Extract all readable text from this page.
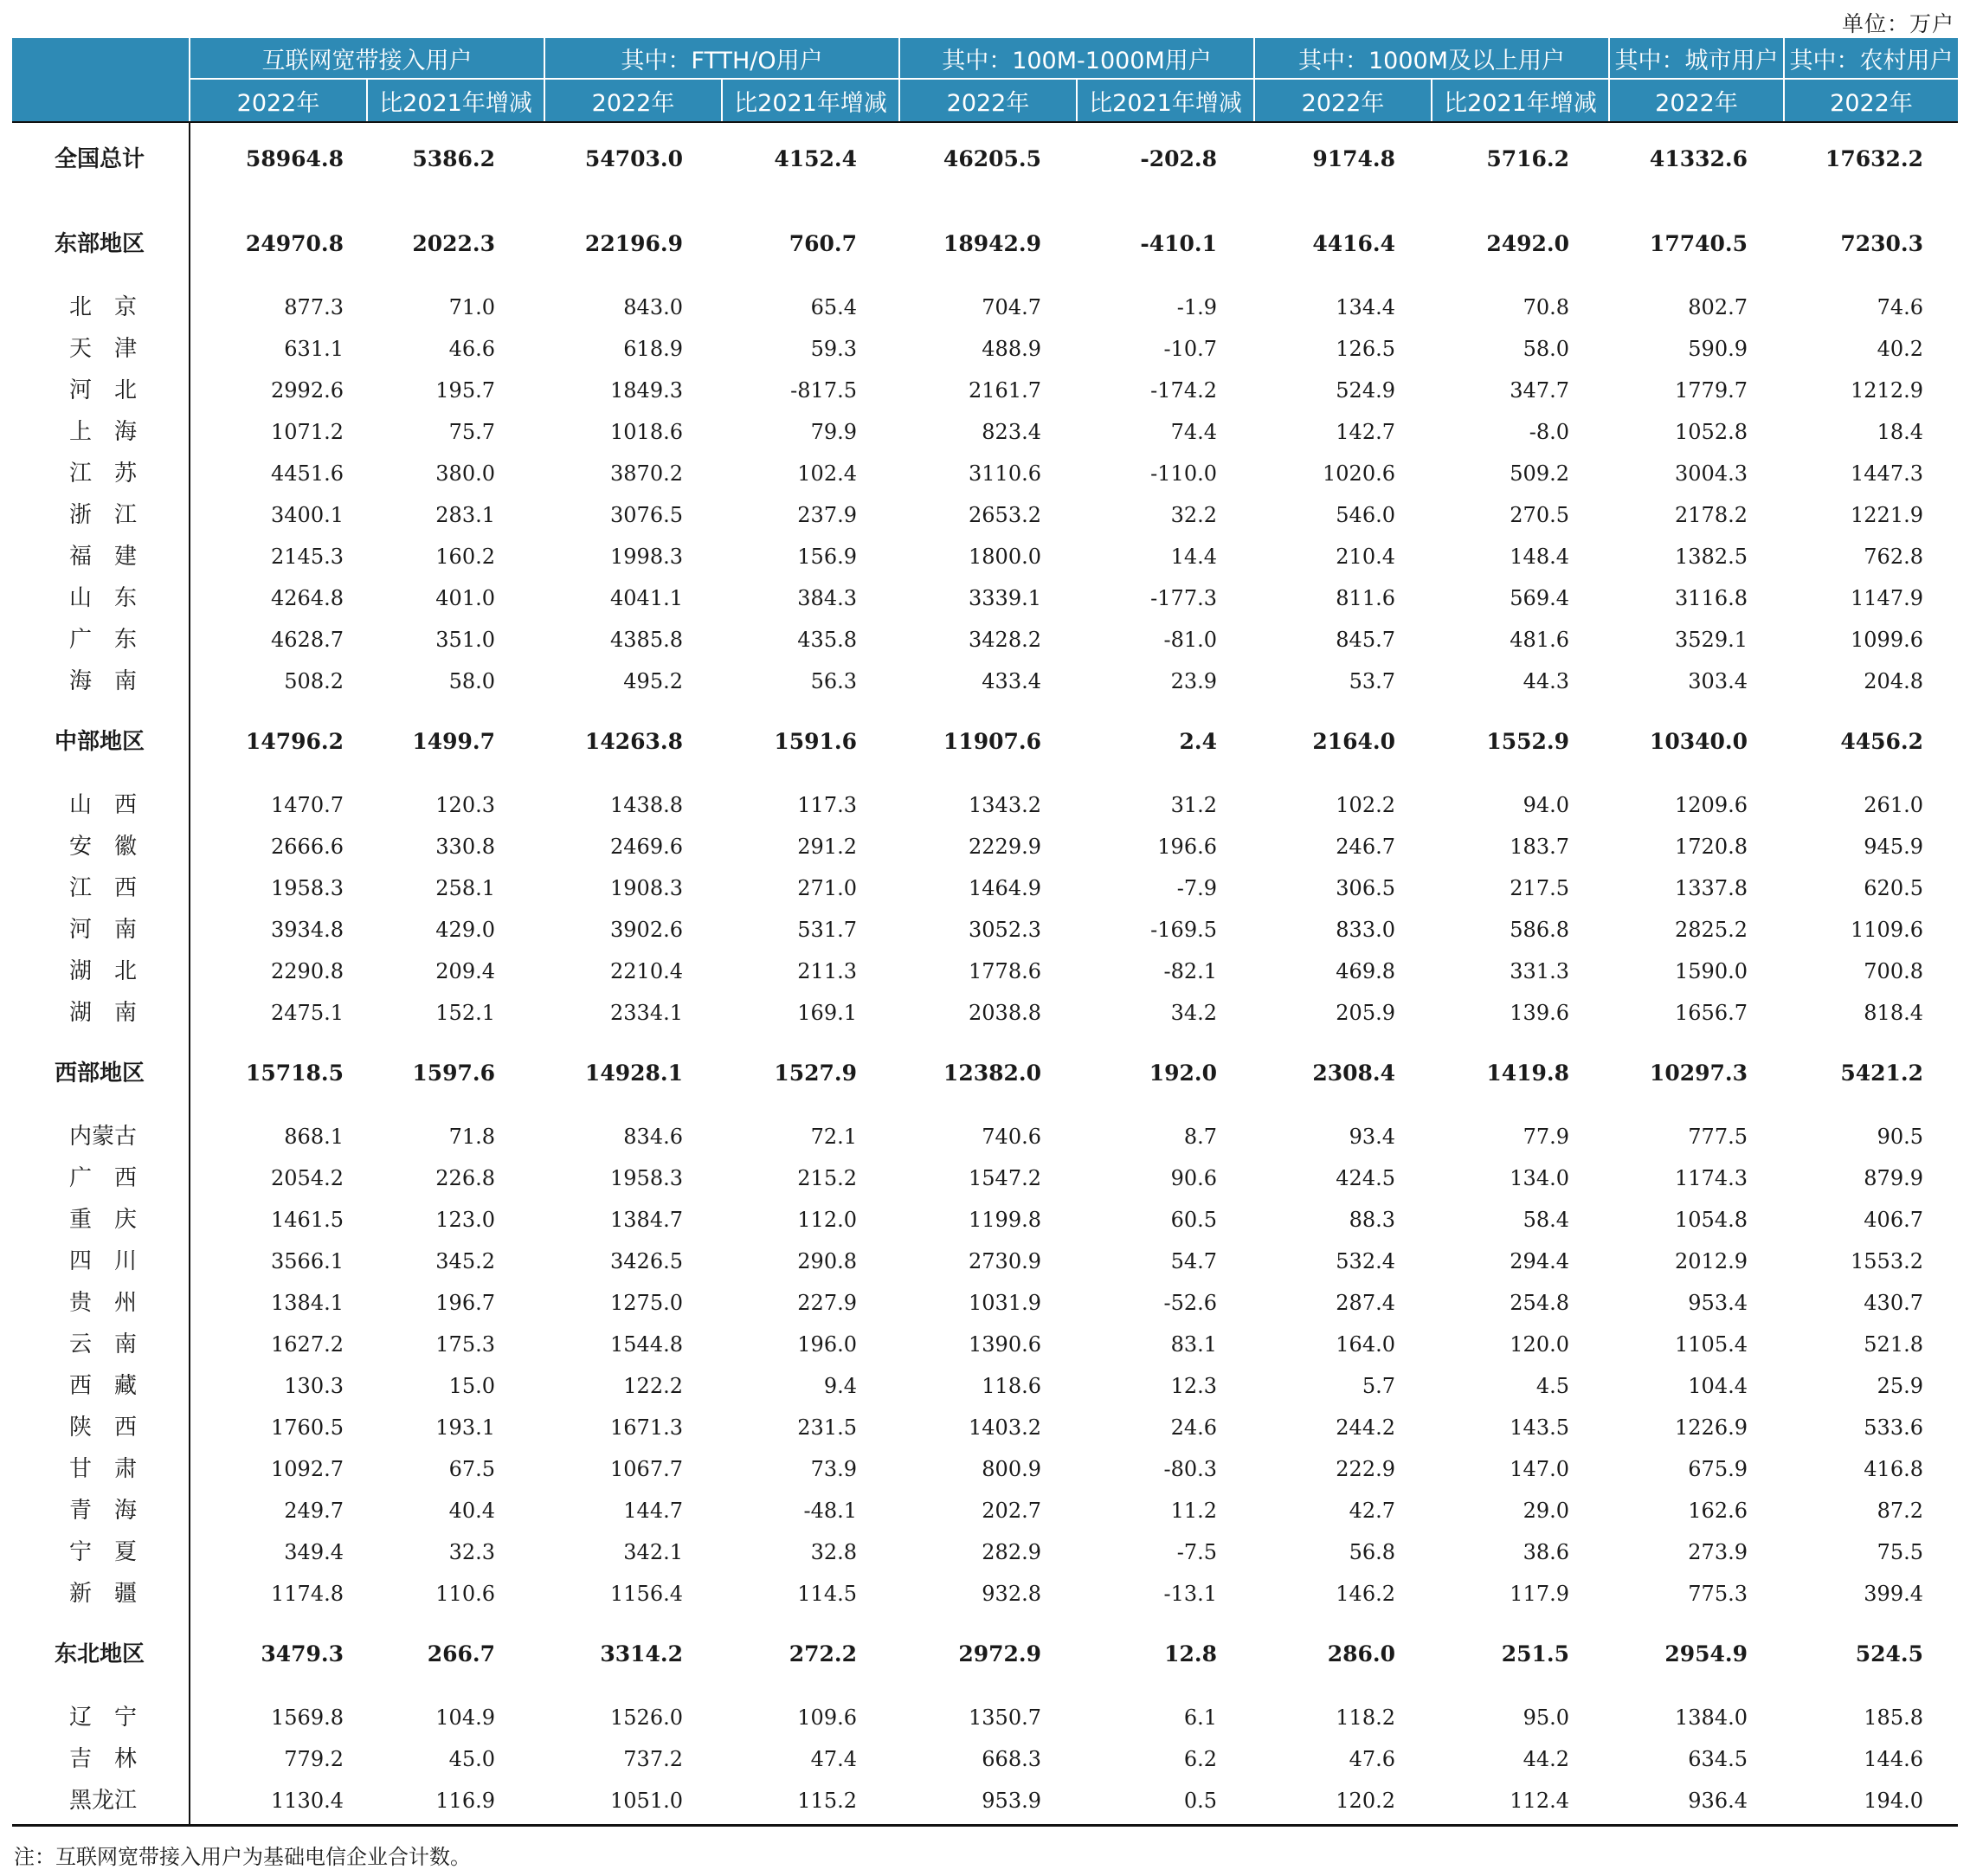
单位：万户
互联网宽带接入用户	其中：FTTH/O用户	其中：100M-1000M用户	其中：1000M及以上用户	其中：城市用户 其中：农村用户
2022年	比2021年增减	2022年	比2021年增减	2022年	比2021年增减	2022年	比2021年增减	2022年	2022年
全国总计	58964.8	5386.2	54703.0	4152.4	46205.5	-202.8	9174.8	5716.2	41332.6	17632.2
东部地区	24970.8	2022.3	22196.9	760.7	18942.9	-410.1	4416.4	2492.0	17740.5	7230.3
北　京	877.3	71.0	843.0	65.4	704.7	-1.9	134.4	70.8	802.7	74.6
天　津	631.1	46.6	618.9	59.3	488.9	-10.7	126.5	58.0	590.9	40.2
河　北	2992.6	195.7	1849.3	-817.5	2161.7	-174.2	524.9	347.7	1779.7	1212.9
上　海	1071.2	75.7	1018.6	79.9	823.4	74.4	142.7	-8.0	1052.8	18.4
江　苏	4451.6	380.0	3870.2	102.4	3110.6	-110.0	1020.6	509.2	3004.3	1447.3
浙　江	3400.1	283.1	3076.5	237.9	2653.2	32.2	546.0	270.5	2178.2	1221.9
福　建	2145.3	160.2	1998.3	156.9	1800.0	14.4	210.4	148.4	1382.5	762.8
山　东	4264.8	401.0	4041.1	384.3	3339.1	-177.3	811.6	569.4	3116.8	1147.9
广　东	4628.7	351.0	4385.8	435.8	3428.2	-81.0	845.7	481.6	3529.1	1099.6
海　南	508.2	58.0	495.2	56.3	433.4	23.9	53.7	44.3	303.4	204.8
中部地区	14796.2	1499.7	14263.8	1591.6	11907.6	2.4	2164.0	1552.9	10340.0	4456.2
山　西	1470.7	120.3	1438.8	117.3	1343.2	31.2	102.2	94.0	1209.6	261.0
安　徽	2666.6	330.8	2469.6	291.2	2229.9	196.6	246.7	183.7	1720.8	945.9
江　西	1958.3	258.1	1908.3	271.0	1464.9	-7.9	306.5	217.5	1337.8	620.5
河　南	3934.8	429.0	3902.6	531.7	3052.3	-169.5	833.0	586.8	2825.2	1109.6
湖　北	2290.8	209.4	2210.4	211.3	1778.6	-82.1	469.8	331.3	1590.0	700.8
湖　南	2475.1	152.1	2334.1	169.1	2038.8	34.2	205.9	139.6	1656.7	818.4
西部地区	15718.5	1597.6	14928.1	1527.9	12382.0	192.0	2308.4	1419.8	10297.3	5421.2
内蒙古	868.1	71.8	834.6	72.1	740.6	8.7	93.4	77.9	777.5	90.5
广　西	2054.2	226.8	1958.3	215.2	1547.2	90.6	424.5	134.0	1174.3	879.9
重　庆	1461.5	123.0	1384.7	112.0	1199.8	60.5	88.3	58.4	1054.8	406.7
四　川	3566.1	345.2	3426.5	290.8	2730.9	54.7	532.4	294.4	2012.9	1553.2
贵　州	1384.1	196.7	1275.0	227.9	1031.9	-52.6	287.4	254.8	953.4	430.7
云　南	1627.2	175.3	1544.8	196.0	1390.6	83.1	164.0	120.0	1105.4	521.8
西　藏	130.3	15.0	122.2	9.4	118.6	12.3	5.7	4.5	104.4	25.9
陕　西	1760.5	193.1	1671.3	231.5	1403.2	24.6	244.2	143.5	1226.9	533.6
甘　肃	1092.7	67.5	1067.7	73.9	800.9	-80.3	222.9	147.0	675.9	416.8
青　海	249.7	40.4	144.7	-48.1	202.7	11.2	42.7	29.0	162.6	87.2
宁　夏	349.4	32.3	342.1	32.8	282.9	-7.5	56.8	38.6	273.9	75.5
新　疆	1174.8	110.6	1156.4	114.5	932.8	-13.1	146.2	117.9	775.3	399.4
东北地区	3479.3	266.7	3314.2	272.2	2972.9	12.8	286.0	251.5	2954.9	524.5
辽　宁	1569.8	104.9	1526.0	109.6	1350.7	6.1	118.2	95.0	1384.0	185.8
吉　林	779.2	45.0	737.2	47.4	668.3	6.2	47.6	44.2	634.5	144.6
黑龙江	1130.4	116.9	1051.0	115.2	953.9	0.5	120.2	112.4	936.4	194.0
注：互联网宽带接入用户为基础电信企业合计数。
